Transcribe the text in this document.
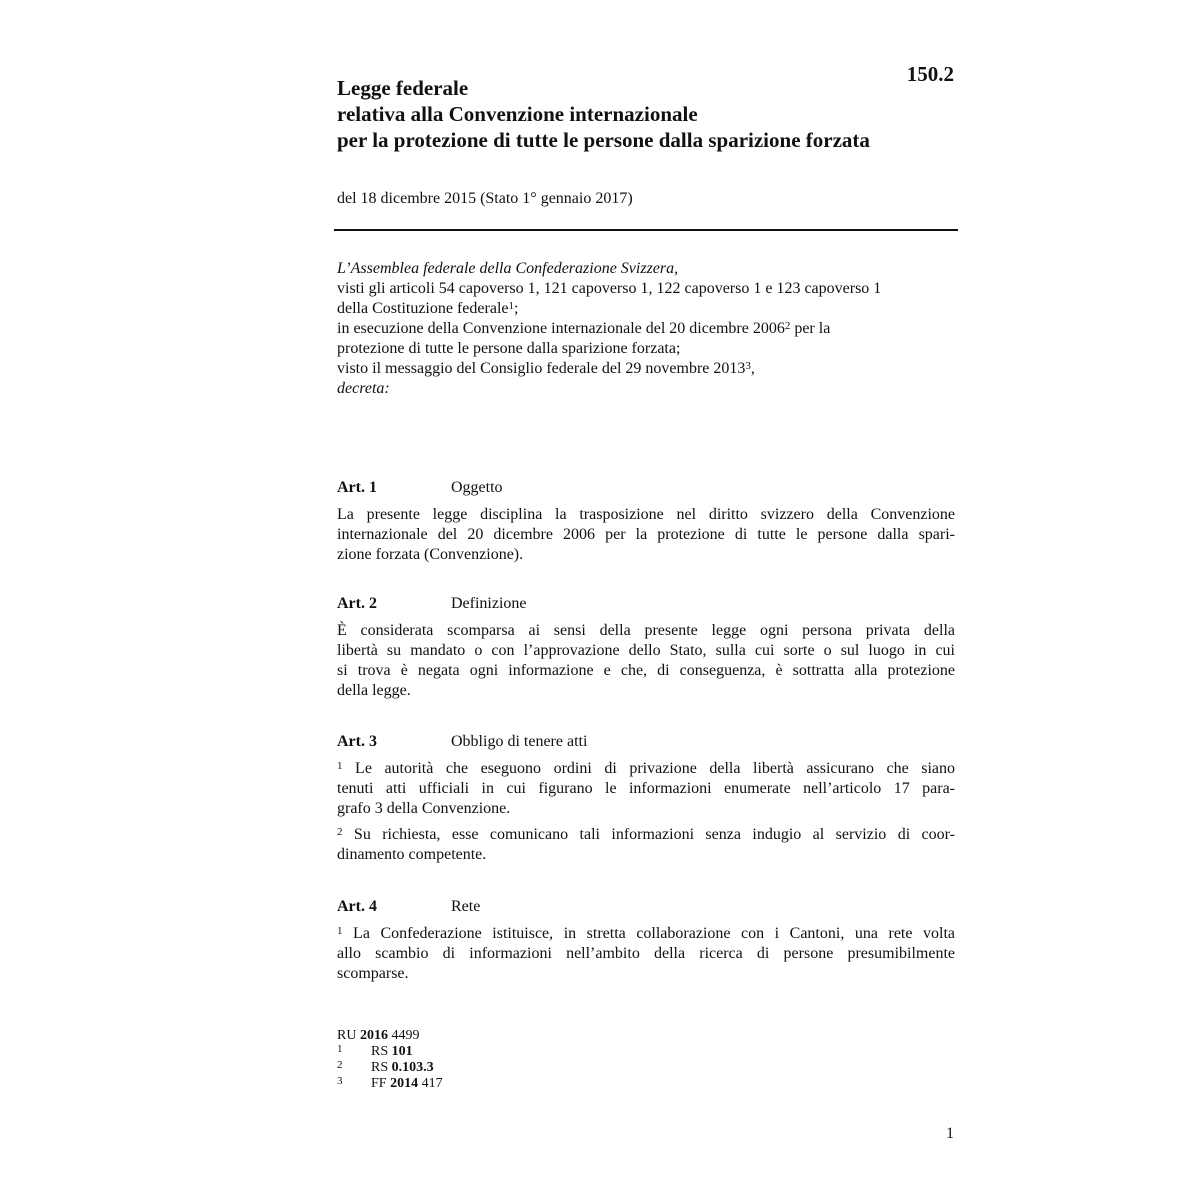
150.2
Legge federale
relativa alla Convenzione internazionale
per la protezione di tutte le persone dalla sparizione forzata
del 18 dicembre 2015 (Stato 1° gennaio 2017)
L’Assemblea federale della Confederazione Svizzera,
visti gli articoli 54 capoverso 1, 121 capoverso 1, 122 capoverso 1 e 123 capoverso 1
della Costituzione federale$^1$;
in esecuzione della Convenzione internazionale del 20 dicembre 2006$^2$ per la
protezione di tutte le persone dalla sparizione forzata;
visto il messaggio del Consiglio federale del 29 novembre 2013$^3$,
decreta:
Art. 1	Oggetto
La presente legge disciplina la trasposizione nel diritto svizzero della Convenzione
internazionale del 20 dicembre 2006 per la protezione di tutte le persone dalla spari-
zione forzata (Convenzione).
Art. 2	Definizione
È considerata scomparsa ai sensi della presente legge ogni persona privata della
libertà su mandato o con l’approvazione dello Stato, sulla cui sorte o sul luogo in cui
si trova è negata ogni informazione e che, di conseguenza, è sottratta alla protezione
della legge.
Art. 3	Obbligo di tenere atti
$^1$ Le autorità che eseguono ordini di privazione della libertà assicurano che siano
tenuti atti ufficiali in cui figurano le informazioni enumerate nell’articolo 17 para-
grafo 3 della Convenzione.
$^2$ Su richiesta, esse comunicano tali informazioni senza indugio al servizio di coor-
dinamento competente.
Art. 4	Rete
$^1$ La Confederazione istituisce, in stretta collaborazione con i Cantoni, una rete volta
allo scambio di informazioni nell’ambito della ricerca di persone presumibilmente
scomparse.
RU 2016 4499
1 RS 101
2 RS 0.103.3
3 FF 2014 417
1
